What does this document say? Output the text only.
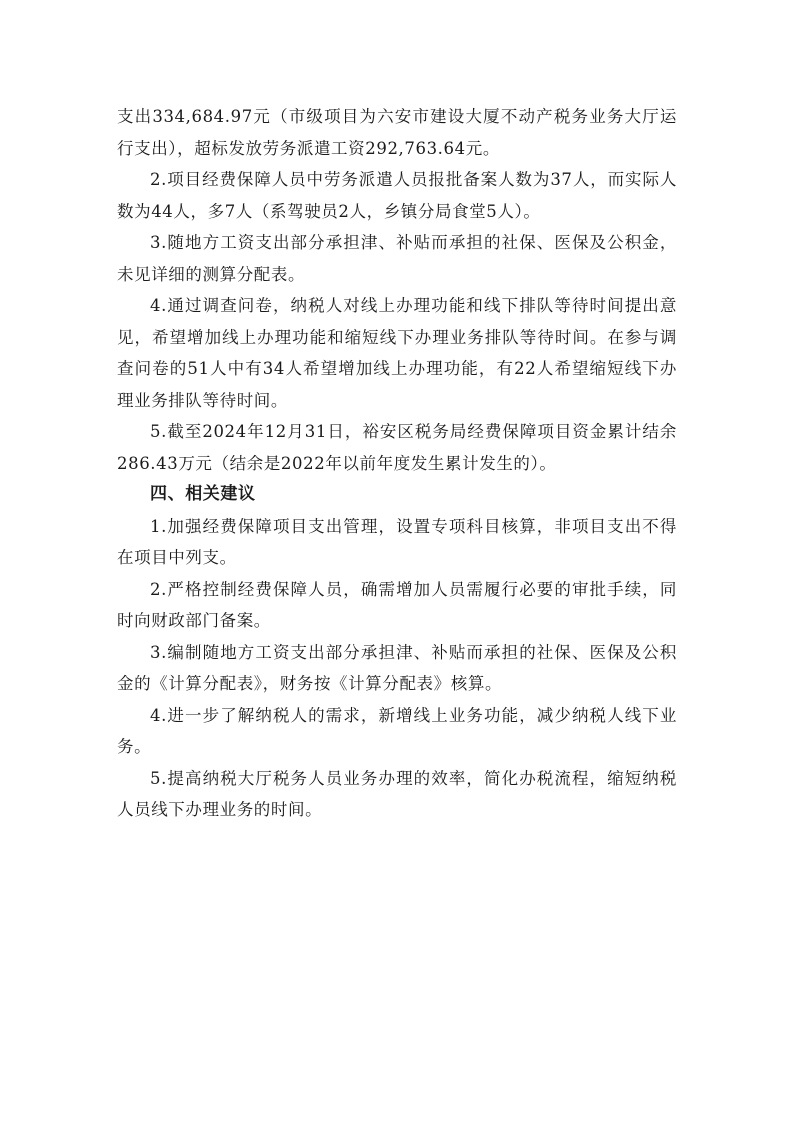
支出334,684.97元（市级项目为六安市建设大厦不动产税务业务大厅运行支出），超标发放劳务派遣工资292,763.64元。

2.项目经费保障人员中劳务派遣人员报批备案人数为37人，而实际人数为44人，多7人（系驾驶员2人，乡镇分局食堂5人）。

3.随地方工资支出部分承担津、补贴而承担的社保、医保及公积金，未见详细的测算分配表。

4.通过调查问卷，纳税人对线上办理功能和线下排队等待时间提出意见，希望增加线上办理功能和缩短线下办理业务排队等待时间。在参与调查问卷的51人中有34人希望增加线上办理功能，有22人希望缩短线下办理业务排队等待时间。

5.截至2024年12月31日，裕安区税务局经费保障项目资金累计结余286.43万元（结余是2022年以前年度发生累计发生的）。

四、相关建议

1.加强经费保障项目支出管理，设置专项科目核算，非项目支出不得在项目中列支。

2.严格控制经费保障人员，确需增加人员需履行必要的审批手续，同时向财政部门备案。

3.编制随地方工资支出部分承担津、补贴而承担的社保、医保及公积金的《计算分配表》，财务按《计算分配表》核算。

4.进一步了解纳税人的需求，新增线上业务功能，减少纳税人线下业务。

5.提高纳税大厅税务人员业务办理的效率，简化办税流程，缩短纳税人员线下办理业务的时间。
